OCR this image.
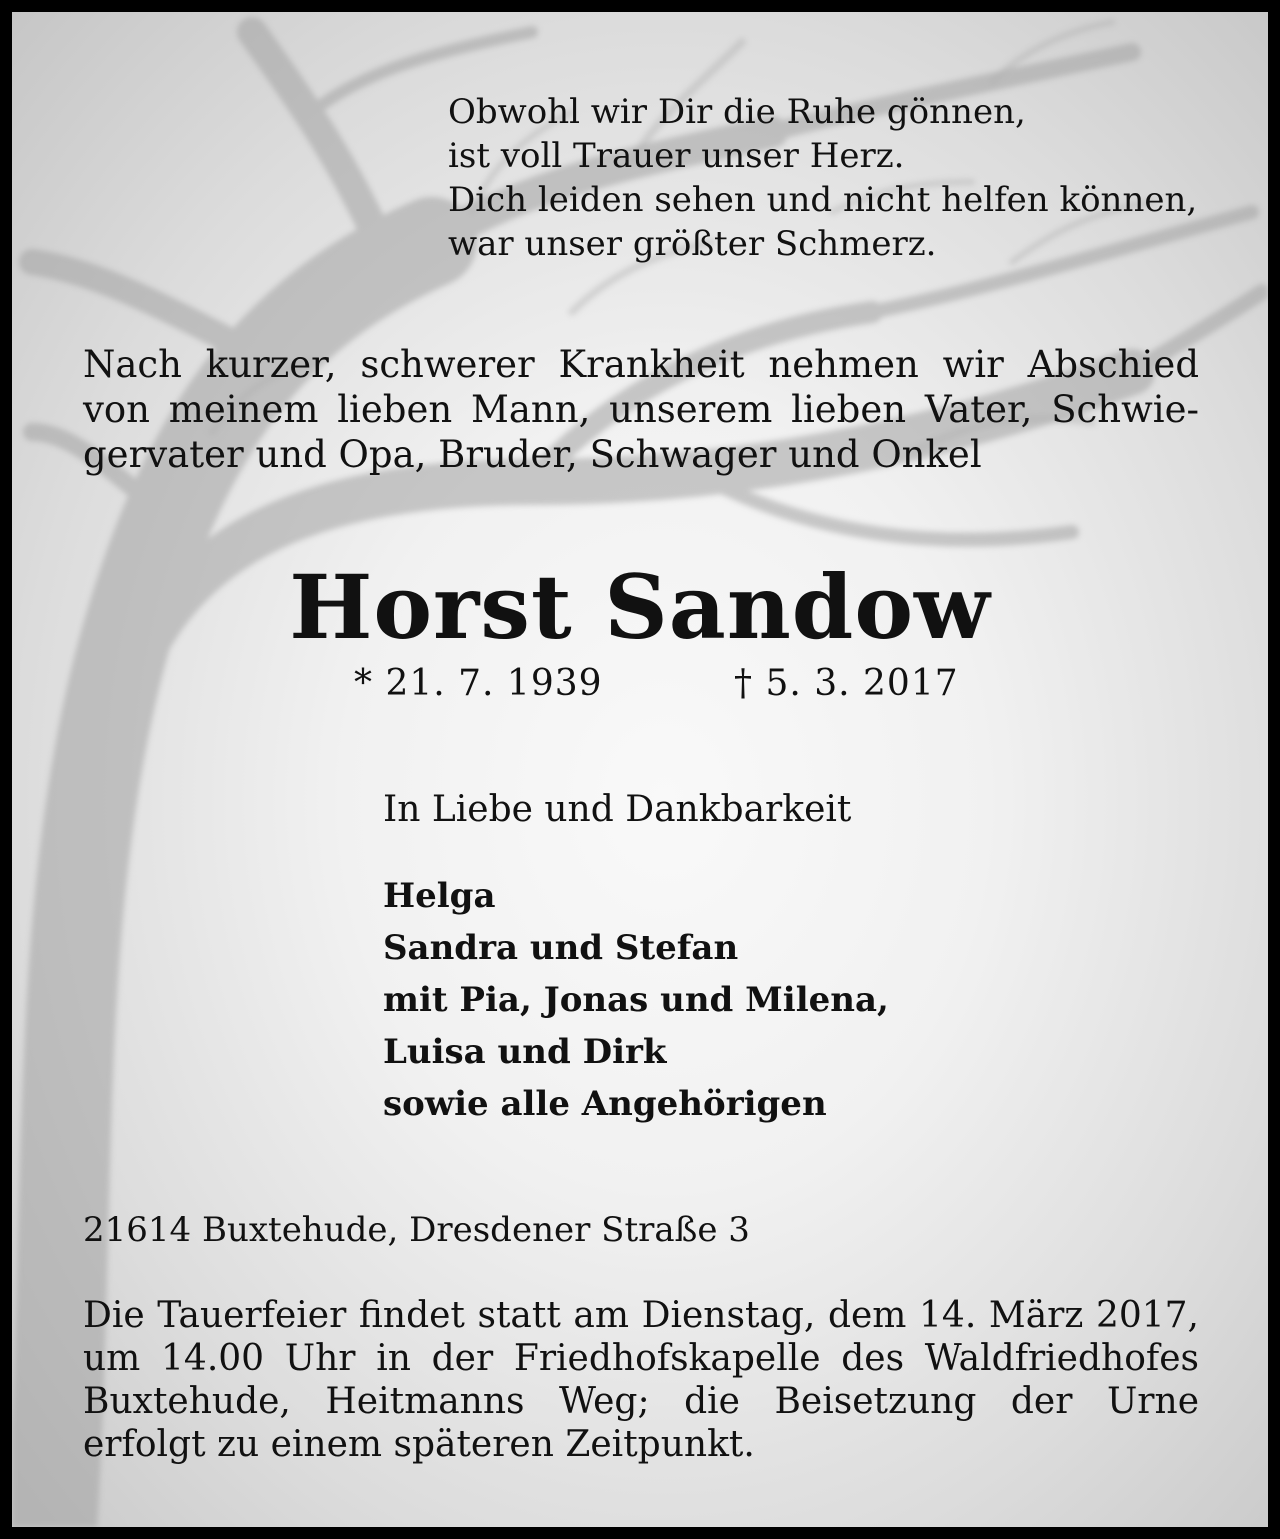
Obwohl wir Dir die Ruhe gönnen,
ist voll Trauer unser Herz.
Dich leiden sehen und nicht helfen können,
war unser größter Schmerz.
Nach kurzer, schwerer Krankheit nehmen wir Abschied
von meinem lieben Mann, unserem lieben Vater, Schwie-
gervater und Opa, Bruder, Schwager und Onkel
Horst Sandow
* 21. 7. 1939	† 5. 3. 2017
In Liebe und Dankbarkeit
Helga
Sandra und Stefan
mit Pia, Jonas und Milena,
Luisa und Dirk
sowie alle Angehörigen
21614 Buxtehude, Dresdener Straße 3
Die Tauerfeier findet statt am Dienstag, dem 14. März 2017,
um 14.00 Uhr in der Friedhofskapelle des Waldfriedhofes
Buxtehude, Heitmanns Weg; die Beisetzung der Urne
erfolgt zu einem späteren Zeitpunkt.
